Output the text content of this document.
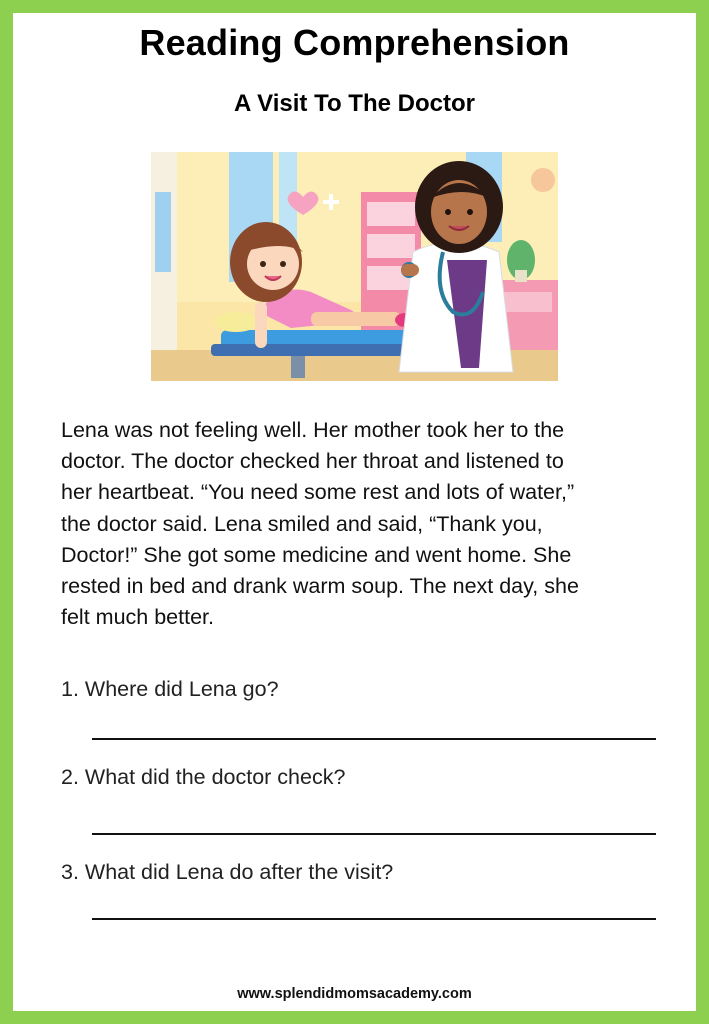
Reading Comprehension
A Visit To The Doctor
Lena was not feeling well. Her mother took her to the
doctor. The doctor checked her throat and listened to
her heartbeat. “You need some rest and lots of water,”
the doctor said. Lena smiled and said, “Thank you,
Doctor!” She got some medicine and went home. She
rested in bed and drank warm soup. The next day, she
felt much better.
1. Where did Lena go?
2. What did the doctor check?
3. What did Lena do after the visit?
www.splendidmomsacademy.com
